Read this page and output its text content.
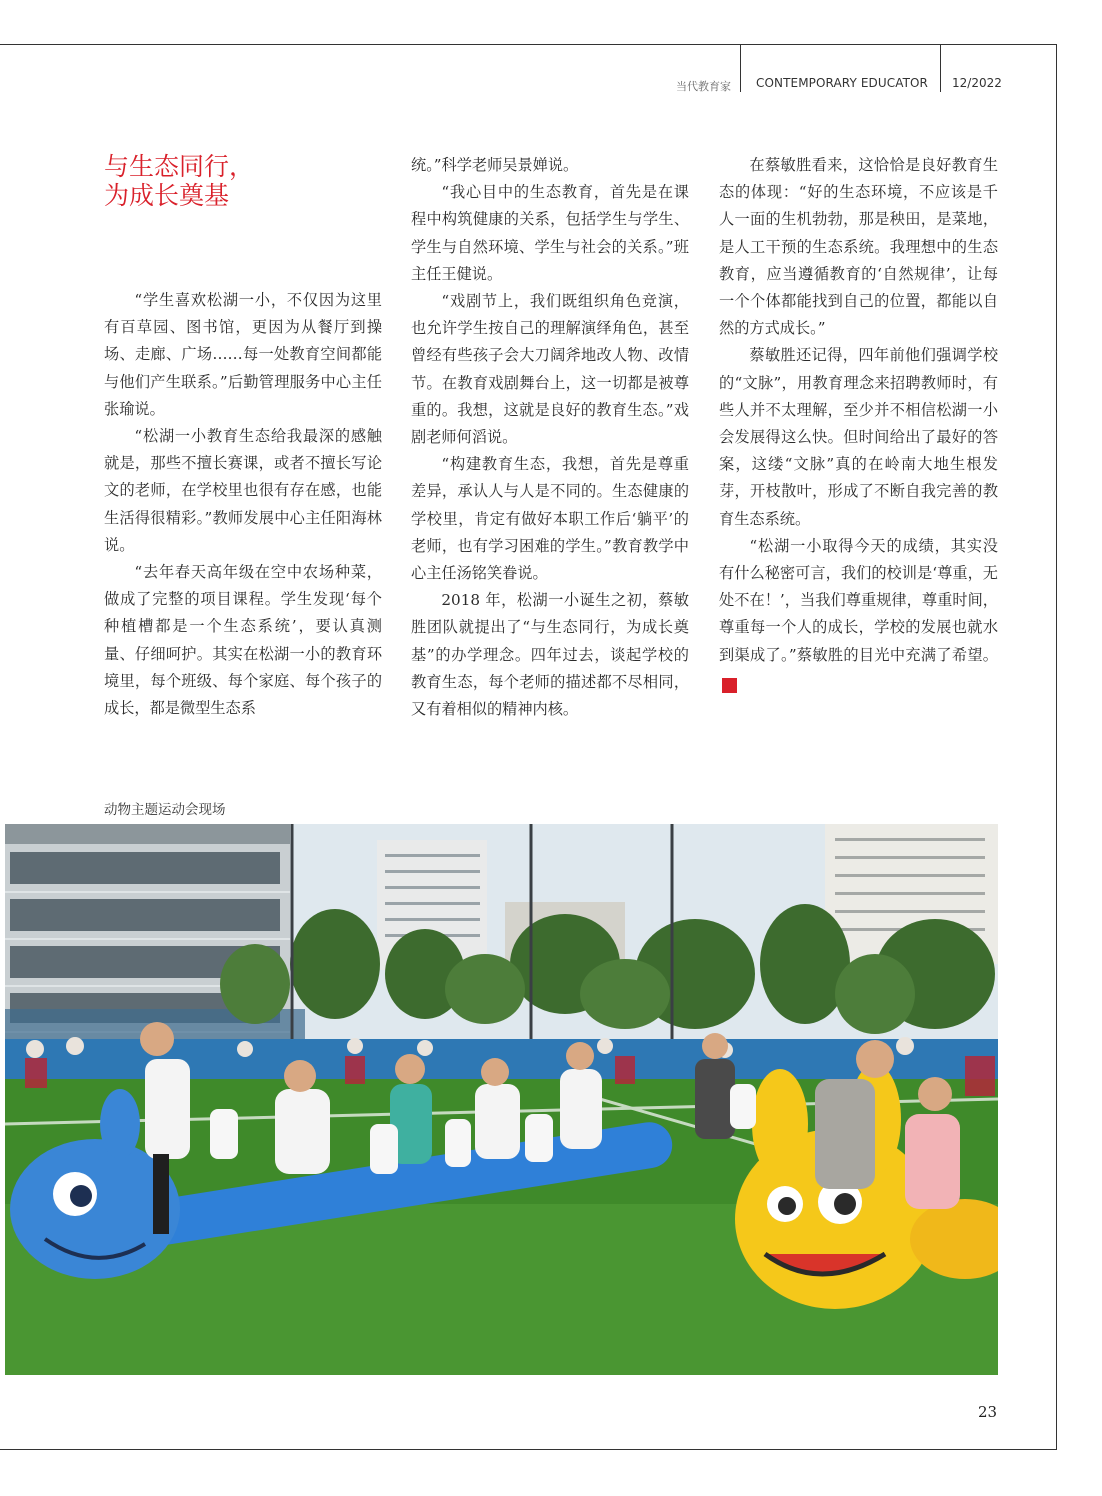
当代教育家 CONTEMPORARY EDUCATOR 12/2022
与生态同行，
为成长奠基

“学生喜欢松湖一小，不仅因为这里有百草园、图书馆，更因为从餐厅到操场、走廊、广场……每一处教育空间都能与他们产生联系。”后勤管理服务中心主任张瑜说。

“松湖一小教育生态给我最深的感触就是，那些不擅长赛课，或者不擅长写论文的老师，在学校里也很有存在感，也能生活得很精彩。”教师发展中心主任阳海林说。

“去年春天高年级在空中农场种菜，做成了完整的项目课程。学生发现‘每个种植槽都是一个生态系统’，要认真测量、仔细呵护。其实在松湖一小的教育环境里，每个班级、每个家庭、每个孩子的成长，都是微型生态系

统。”科学老师吴景婵说。

“我心目中的生态教育，首先是在课程中构筑健康的关系，包括学生与学生、学生与自然环境、学生与社会的关系。”班主任王健说。

“戏剧节上，我们既组织角色竞演，也允许学生按自己的理解演绎角色，甚至曾经有些孩子会大刀阔斧地改人物、改情节。在教育戏剧舞台上，这一切都是被尊重的。我想，这就是良好的教育生态。”戏剧老师何滔说。

“构建教育生态，我想，首先是尊重差异，承认人与人是不同的。生态健康的学校里，肯定有做好本职工作后‘躺平’的老师，也有学习困难的学生。”教育教学中心主任汤铭笑眷说。

2018 年，松湖一小诞生之初，蔡敏胜团队就提出了“与生态同行，为成长奠基”的办学理念。四年过去，谈起学校的教育生态，每个老师的描述都不尽相同，又有着相似的精神内核。

在蔡敏胜看来，这恰恰是良好教育生态的体现：“好的生态环境，不应该是千人一面的生机勃勃，那是秧田，是菜地，是人工干预的生态系统。我理想中的生态教育，应当遵循教育的‘自然规律’，让每一个个体都能找到自己的位置，都能以自然的方式成长。”

蔡敏胜还记得，四年前他们强调学校的“文脉”，用教育理念来招聘教师时，有些人并不太理解，至少并不相信松湖一小会发展得这么快。但时间给出了最好的答案，这缕“文脉”真的在岭南大地生根发芽，开枝散叶，形成了不断自我完善的教育生态系统。

“松湖一小取得今天的成绩，其实没有什么秘密可言，我们的校训是‘尊重，无处不在！’，当我们尊重规律，尊重时间，尊重每一个人的成长，学校的发展也就水到渠成了。”蔡敏胜的目光中充满了希望。家

动物主题运动会现场
23
